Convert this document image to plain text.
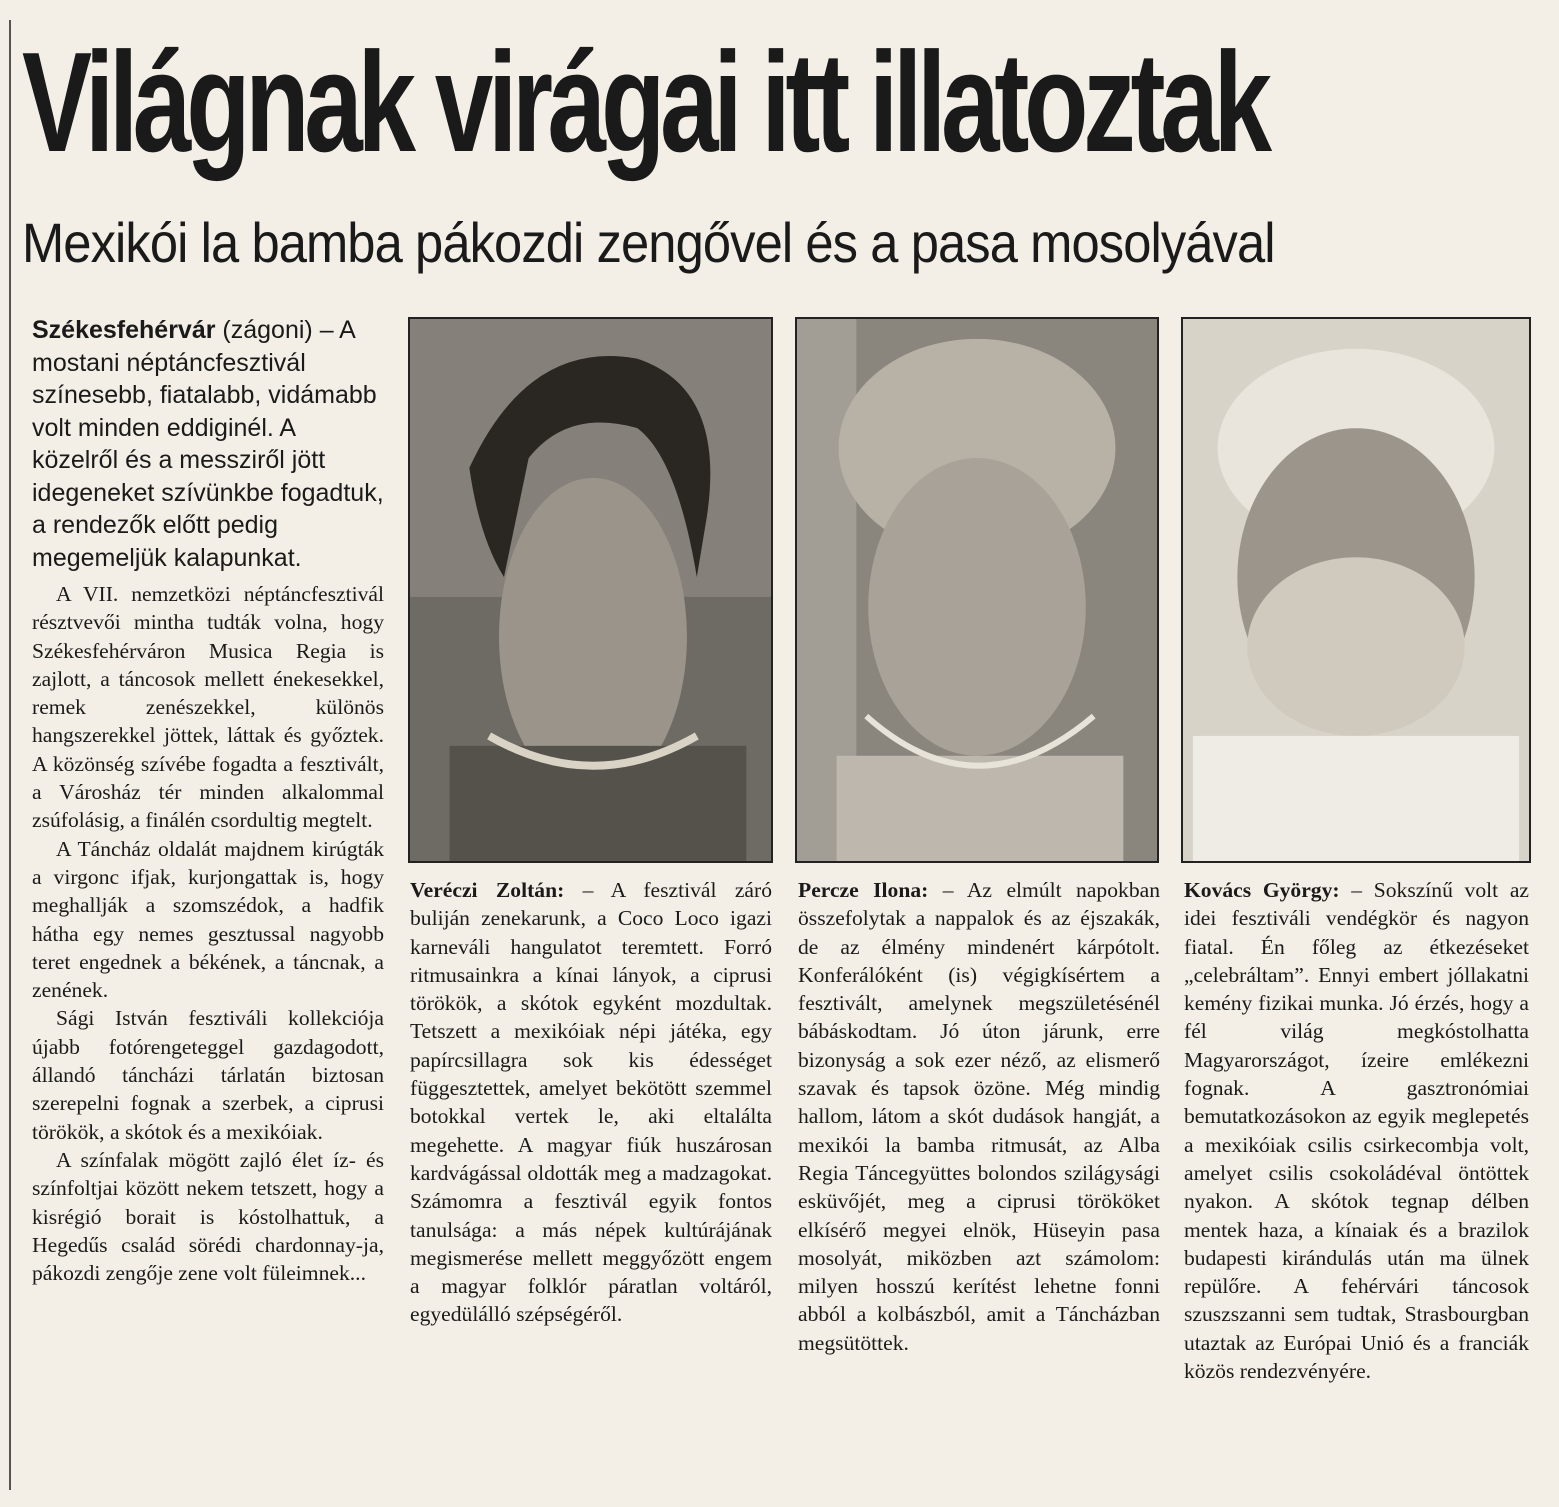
Világnak virágai itt illatoztak
Mexikói la bamba pákozdi zengővel és a pasa mosolyával
Székesfehérvár (zágoni) – A mostani néptáncfesztivál színesebb, fiatalabb, vidámabb volt minden eddiginél. A közelről és a messziről jött idegeneket szívünkbe fogadtuk, a rendezők előtt pedig megemeljük kalapunkat.

A VII. nemzetközi néptáncfesztivál résztvevői mintha tudták volna, hogy Székesfehérváron Musica Regia is zajlott, a táncosok mellett énekesekkel, remek zenészekkel, különös hangszerekkel jöttek, láttak és győztek. A közönség szívébe fogadta a fesztivált, a Városház tér minden alkalommal zsúfolásig, a finálén csordultig megtelt.

A Táncház oldalát majdnem kirúgták a virgonc ifjak, kurjongattak is, hogy meghallják a szomszédok, a hadfik hátha egy nemes gesztussal nagyobb teret engednek a békének, a táncnak, a zenének.

Sági István fesztiváli kollekciója újabb fotórengeteggel gazdagodott, állandó táncházi tárlatán biztosan szerepelni fognak a szerbek, a ciprusi törökök, a skótok és a mexikóiak.

A színfalak mögött zajló élet íz- és színfoltjai között nekem tetszett, hogy a kisrégió borait is kóstolhattuk, a Hegedűs család sörédi chardonnay-ja, pákozdi zengője zene volt füleimnek...

Veréczi Zoltán: – A fesztivál záró buliján zenekarunk, a Coco Loco igazi karneváli hangulatot teremtett. Forró ritmusainkra a kínai lányok, a ciprusi törökök, a skótok egyként mozdultak. Tetszett a mexikóiak népi játéka, egy papírcsillagra sok kis édességet függesztettek, amelyet bekötött szemmel botokkal vertek le, aki eltalálta megehette. A magyar fiúk huszárosan kardvágással oldották meg a madzagokat. Számomra a fesztivál egyik fontos tanulsága: a más népek kultúrájának megismerése mellett meggyőzött engem a magyar folklór páratlan voltáról, egyedülálló szépségéről.
Percze Ilona: – Az elmúlt napokban összefolytak a nappalok és az éjszakák, de az élmény mindenért kárpótolt. Konferálóként (is) végigkísértem a fesztivált, amelynek megszületésénél bábáskodtam. Jó úton járunk, erre bizonyság a sok ezer néző, az elismerő szavak és tapsok özöne. Még mindig hallom, látom a skót dudások hangját, a mexikói la bamba ritmusát, az Alba Regia Táncegyüttes bolondos szilágysági esküvőjét, meg a ciprusi törököket elkísérő megyei elnök, Hüseyin pasa mosolyát, miközben azt számolom: milyen hosszú kerítést lehetne fonni abból a kolbászból, amit a Táncházban megsütöttek.
Kovács György: – Sokszínű volt az idei fesztiváli vendégkör és nagyon fiatal. Én főleg az étkezéseket „celebráltam”. Ennyi embert jóllakatni kemény fizikai munka. Jó érzés, hogy a fél világ megkóstolhatta Magyarországot, ízeire emlékezni fognak. A gasztronómiai bemutatkozásokon az egyik meglepetés a mexikóiak csilis csirkecombja volt, amelyet csilis csokoládéval öntöttek nyakon. A skótok tegnap délben mentek haza, a kínaiak és a brazilok budapesti kirándulás után ma ülnek repülőre. A fehérvári táncosok szuszszanni sem tudtak, Strasbourgban utaztak az Európai Unió és a franciák közös rendezvényére.
